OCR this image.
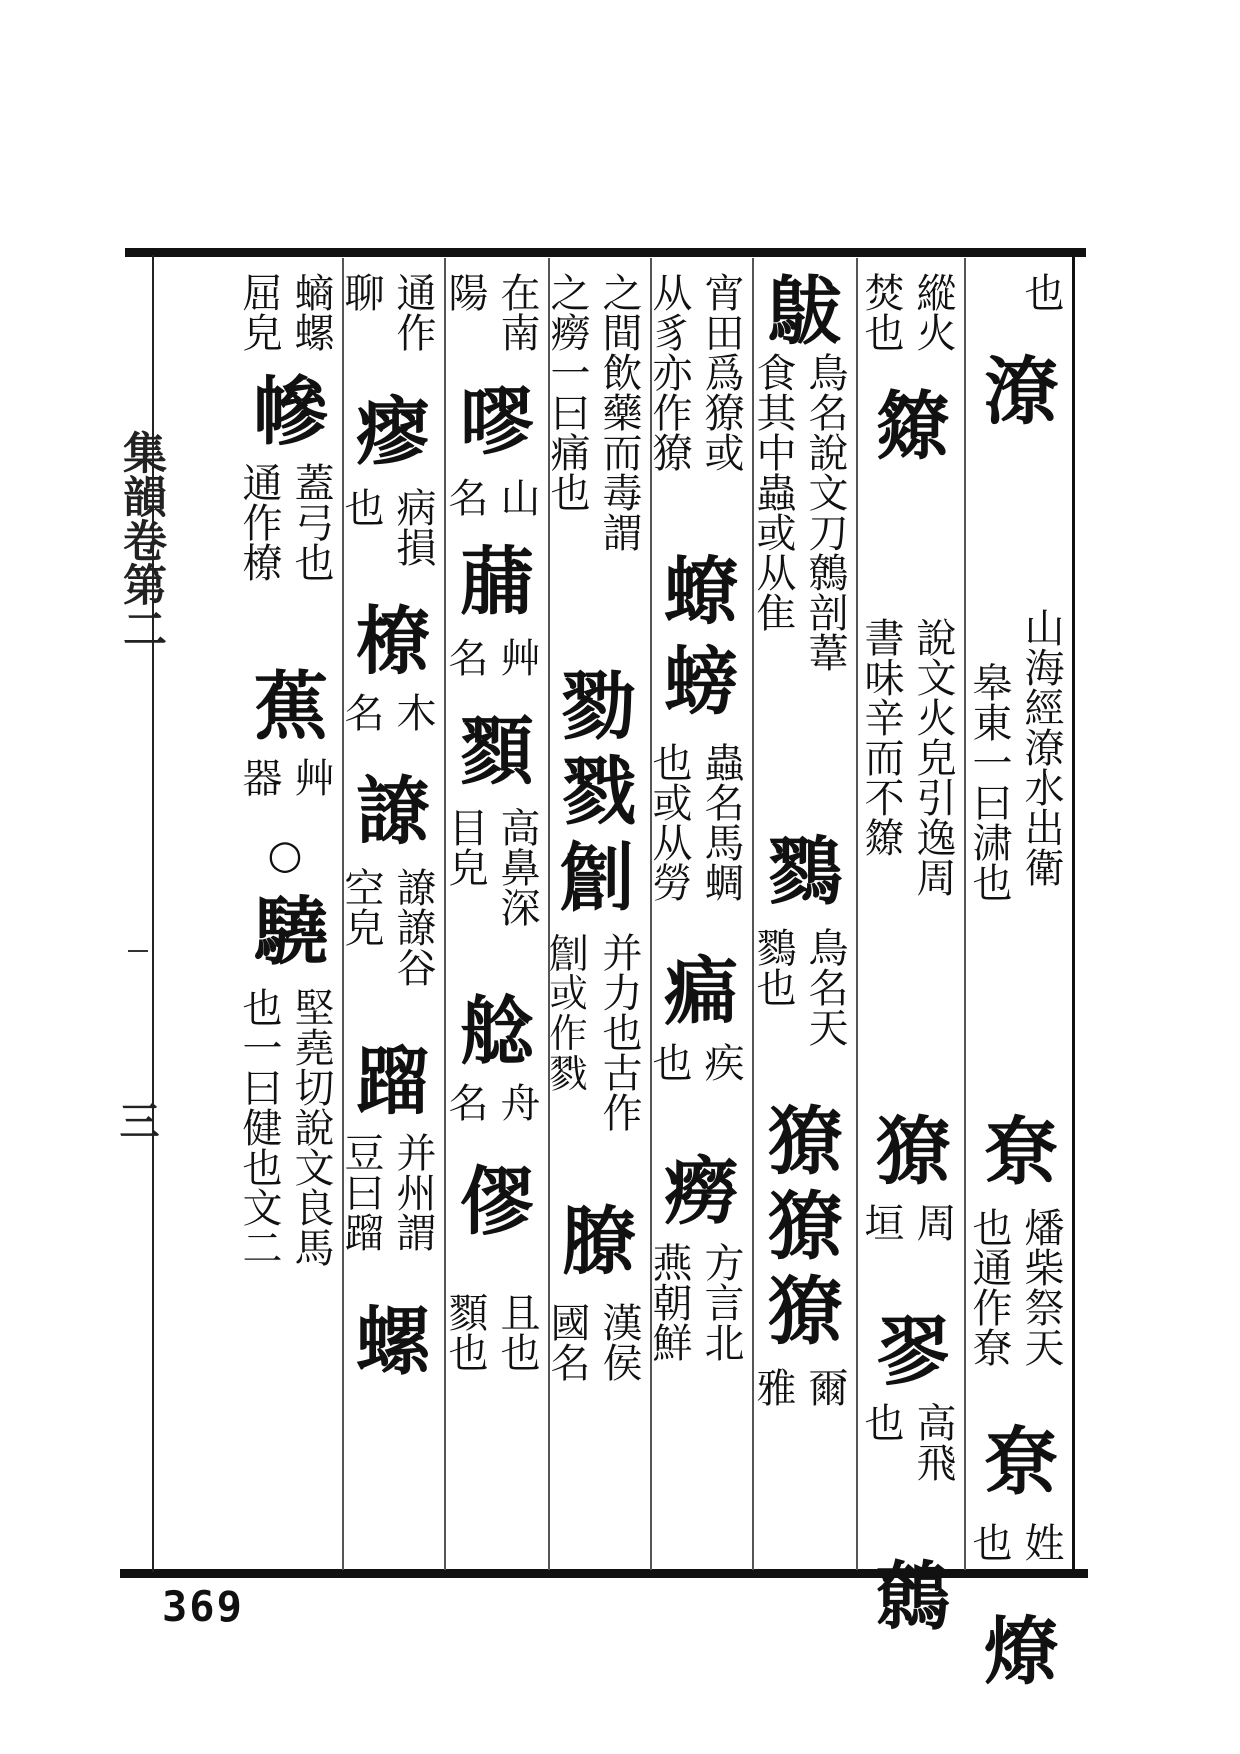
集韻卷第二
三
369
也
潦
山海經潦水出衛
皋東一曰㴋也
尞
燔柴祭天
也通作尞
尞
姓
也
燎
縱火
焚也
爒
說文火皃引逸周
書味辛而不爒
獠
周
垣
翏
高飛
也
鷯
䳁
鳥名說文刀鷯剖葦
食其中蟲或从隹
鷚
鳥名天
鷚也
獠
獠
獠
爾
雅
宵田爲獠或
从豸亦作獠
蟟
螃
蟲名馬蜩
也或从勞
㾫
疾
也
癆
方言北
燕朝鮮
之間飲藥而毒謂
之癆一曰痛也
勠
戮
𠟧
并力也古作
𠟧或作戮
膫
漢侯
國名
在南
陽
嘐
山
名
䔕
艸
名
顟
高鼻深
目皃
艌
舟
名
僇
且也
顟也
通作
聊
瘳
病損
也
橑
木
名
䜍
䜍䜍谷
空皃
蹓
并州謂
豆曰蹓
螺
螪螺
屈皃
幓
蓋弓也
通作橑
蕉
艸
器
○
驍
堅堯切說文良馬
也一曰健也文二
